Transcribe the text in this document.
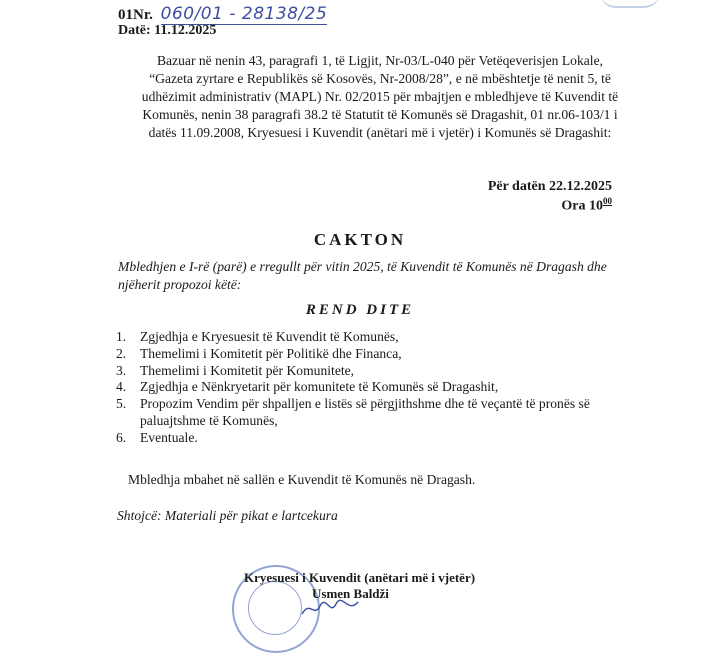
01Nr. 060/01 - 28138/25
Datë: 11.12.2025
Bazuar në nenin 43, paragrafi 1, të Ligjit, Nr-03/L-040 për Vetëqeverisjen Lokale, “Gazeta zyrtare e Republikës së Kosovës, Nr-2008/28”, e në mbështetje të nenit 5, të udhëzimit administrativ (MAPL) Nr. 02/2015 për mbajtjen e mbledhjeve të Kuvendit të Komunës, nenin 38 paragrafi 38.2 të Statutit të Komunës së Dragashit, 01 nr.06-103/1 i datës 11.09.2008, Kryesuesi i Kuvendit (anëtari më i vjetër) i Komunës së Dragashit:
Për datën 22.12.2025
Ora $10^{00}$
CAKTON
Mbledhjen e I-rë (parë) e rregullt për vitin 2025, të Kuvendit të Komunës në Dragash dhe njëherit propozoi këtë:
REND DITE
1. Zgjedhja e Kryesuesit të Kuvendit të Komunës,
2. Themelimi i Komitetit për Politikë dhe Financa,
3. Themelimi i Komitetit për Komunitete,
4. Zgjedhja e Nënkryetarit për komunitete të Komunës së Dragashit,
5. Propozim Vendim për shpalljen e listës së përgjithshme dhe të veçantë të pronës së paluajtshme të Komunës,
6. Eventuale.
Mbledhja mbahet në sallën e Kuvendit të Komunës në Dragash.
Shtojcë: Materiali për pikat e lartcekura
Kryesuesi i Kuvendit (anëtari më i vjetër)
Usmen Baldži
